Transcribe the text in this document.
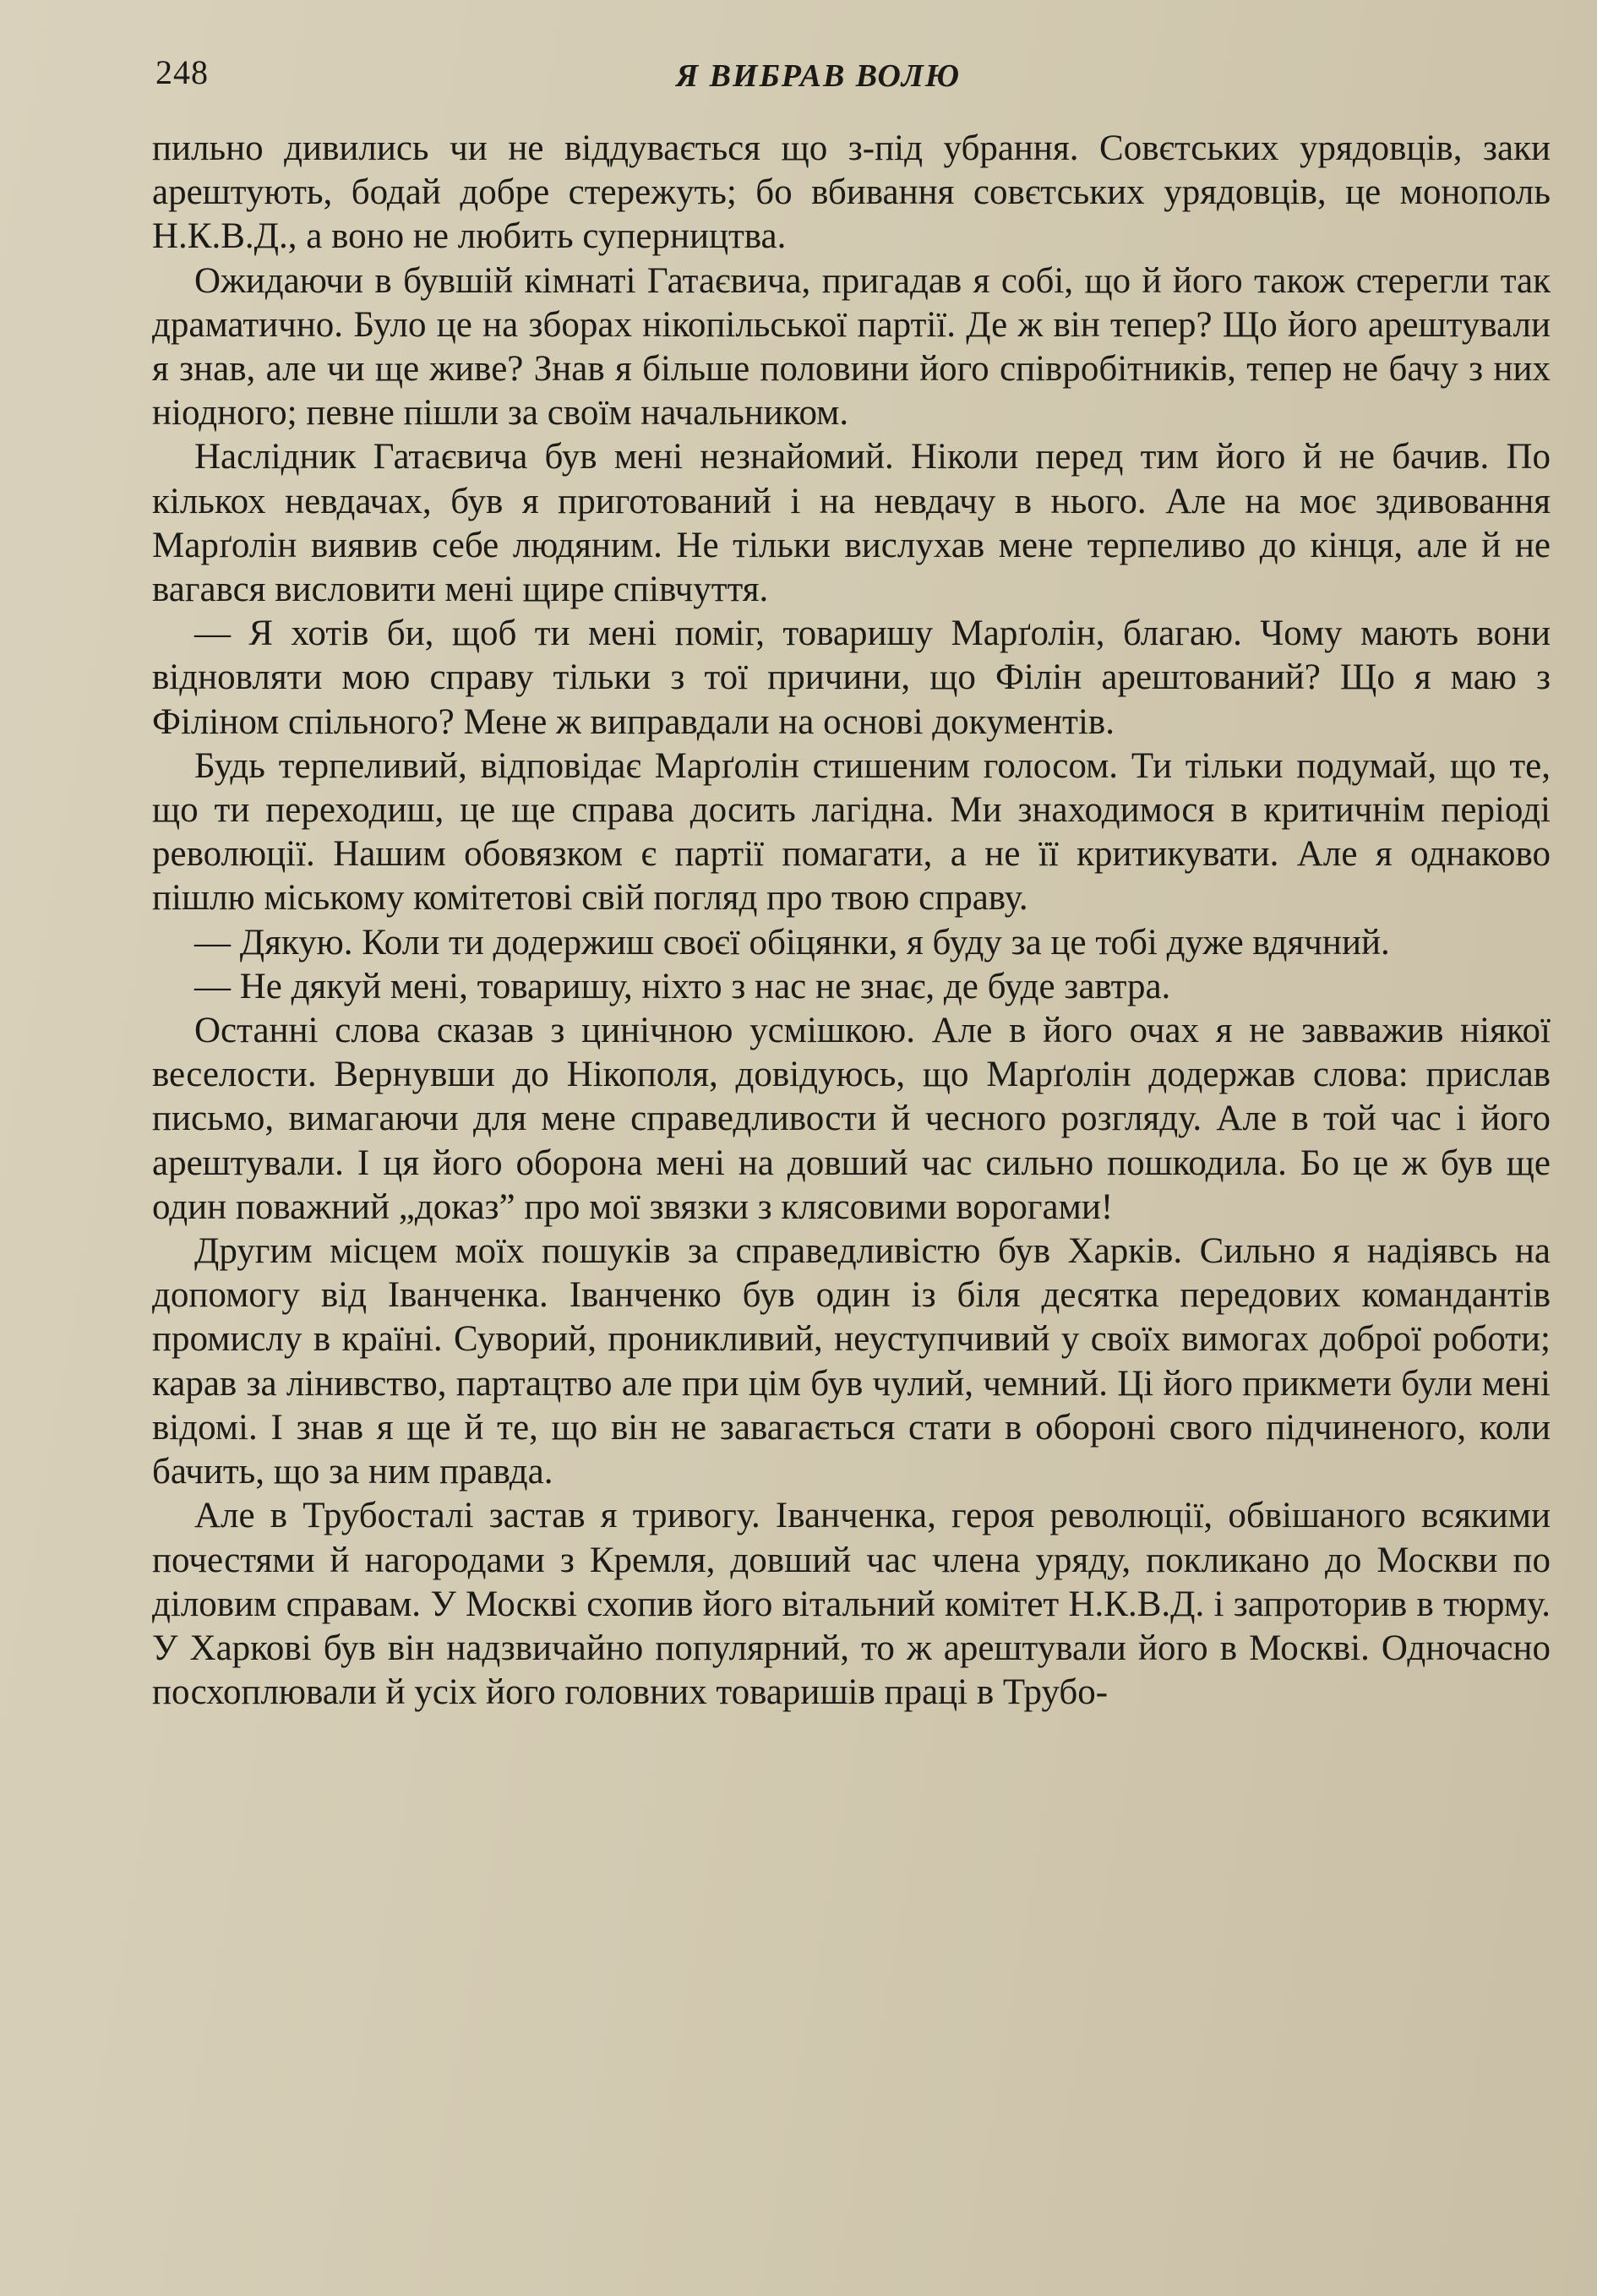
248	Я ВИБРАВ ВОЛЮ

пильно дивились чи не віддувається що з-під убрання. Совєтських урядовців, заки арештують, бодай добре стережуть; бо вбивання совєтських урядовців, це монополь Н.К.В.Д., а воно не любить суперництва.

Ожидаючи в бувшій кімнаті Гатаєвича, пригадав я собі, що й його також стерегли так драматично. Було це на зборах нікопільської партії. Де ж він тепер? Що його арештували я знав, але чи ще живе? Знав я більше половини його співробітників, тепер не бачу з них ніодного; певне пішли за своїм начальником.

Наслідник Гатаєвича був мені незнайомий. Ніколи перед тим його й не бачив. По кількох невдачах, був я приготований і на невдачу в нього. Але на моє здивовання Марґолін виявив себе людяним. Не тільки вислухав мене терпеливо до кінця, але й не вагався висловити мені щире співчуття.

— Я хотів би, щоб ти мені поміг, товаришу Марґолін, благаю. Чому мають вони відновляти мою справу тільки з тої причини, що Філін арештований? Що я маю з Філіном спільного? Мене ж виправдали на основі документів.

Будь терпеливий, відповідає Марґолін стишеним голосом. Ти тільки подумай, що те, що ти переходиш, це ще справа досить лагідна. Ми знаходимося в критичнім періоді революції. Нашим обовязком є партії помагати, а не її критикувати. Але я однаково пішлю міському комітетові свій погляд про твою справу.

— Дякую. Коли ти додержиш своєї обіцянки, я буду за це тобі дуже вдячний.

— Не дякуй мені, товаришу, ніхто з нас не знає, де буде завтра.

Останні слова сказав з цинічною усмішкою. Але в його очах я не завважив ніякої веселости. Вернувши до Нікополя, довідуюсь, що Марґолін додержав слова: прислав письмо, вимагаючи для мене справедливости й чесного розгляду. Але в той час і його арештували. І ця його оборона мені на довший час сильно пошкодила. Бо це ж був ще один поважний „доказ” про мої звязки з клясовими ворогами!

Другим місцем моїх пошуків за справедливістю був Харків. Сильно я надіявсь на допомогу від Іванченка. Іванченко був один із біля десятка передових командантів промислу в країні. Суворий, проникливий, неуступчивий у своїх вимогах доброї роботи; карав за лінивство, партацтво але при цім був чулий, чемний. Ці його прикмети були мені відомі. І знав я ще й те, що він не завагається стати в обороні свого підчиненого, коли бачить, що за ним правда.

Але в Трубосталі застав я тривогу. Іванченка, героя революції, обвішаного всякими почестями й нагородами з Кремля, довший час члена уряду, покликано до Москви по діловим справам. У Москві схопив його вітальний комітет Н.К.В.Д. і запроторив в тюрму. У Харкові був він надзвичайно популярний, то ж арештували його в Москві. Одночасно посхоплювали й усіх його головних товаришів праці в Трубо-
